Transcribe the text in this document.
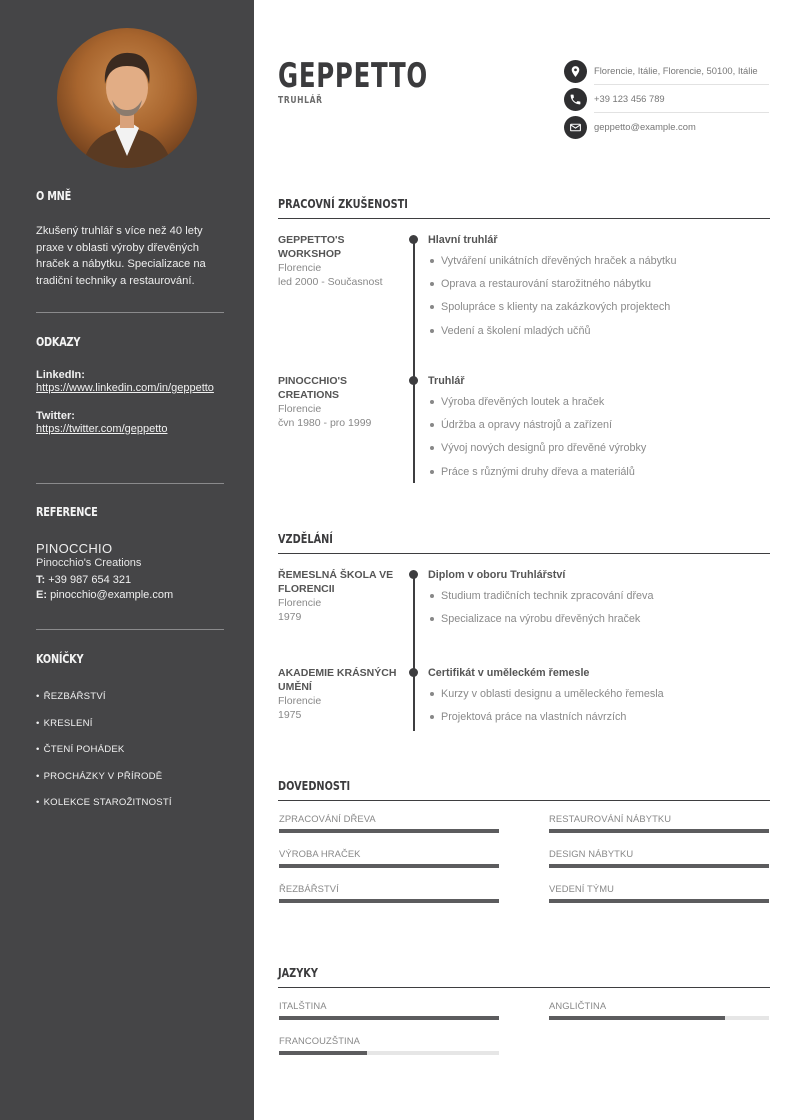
O MNĚ

Zkušený truhlář s více než 40 lety praxe v oblasti výroby dřevěných hraček a nábytku. Specializace na tradiční techniky a restaurování.

ODKAZY
LinkedIn:
https://www.linkedin.com/in/geppetto
Twitter:
https://twitter.com/geppetto
REFERENCE
PINOCCHIO
Pinocchio's Creations
T: +39 987 654 321
E: pinocchio@example.com
KONÍČKY
• ŘEZBÁŘSTVÍ
• KRESLENÍ
• ČTENÍ POHÁDEK
• PROCHÁZKY V PŘÍRODĚ
• KOLEKCE STAROŽITNOSTÍ
GEPPETTO
TRUHLÁŘ
Florencie, Itálie, Florencie, 50100, Itálie
+39 123 456 789
geppetto@example.com
PRACOVNÍ ZKUŠENOSTI
GEPPETTO'S WORKSHOP
Florencie
led 2000 - Současnost
Hlavní truhlář
Vytváření unikátních dřevěných hraček a nábytku
Oprava a restaurování starožitného nábytku
Spolupráce s klienty na zakázkových projektech
Vedení a školení mladých učňů
PINOCCHIO'S CREATIONS
Florencie
čvn 1980 - pro 1999
Truhlář
Výroba dřevěných loutek a hraček
Údržba a opravy nástrojů a zařízení
Vývoj nových designů pro dřevěné výrobky
Práce s různými druhy dřeva a materiálů
VZDĚLÁNÍ
ŘEMESLNÁ ŠKOLA VE FLORENCII
Florencie
1979
Diplom v oboru Truhlářství
Studium tradičních technik zpracování dřeva
Specializace na výrobu dřevěných hraček
AKADEMIE KRÁSNÝCH UMĚNÍ
Florencie
1975
Certifikát v uměleckém řemesle
Kurzy v oblasti designu a uměleckého řemesla
Projektová práce na vlastních návrzích
DOVEDNOSTI
ZPRACOVÁNÍ DŘEVA	RESTAUROVÁNÍ NÁBYTKU
VÝROBA HRAČEK	DESIGN NÁBYTKU
ŘEZBÁŘSTVÍ	VEDENÍ TÝMU
JAZYKY
ITALŠTINA	ANGLIČTINA
FRANCOUZŠTINA
